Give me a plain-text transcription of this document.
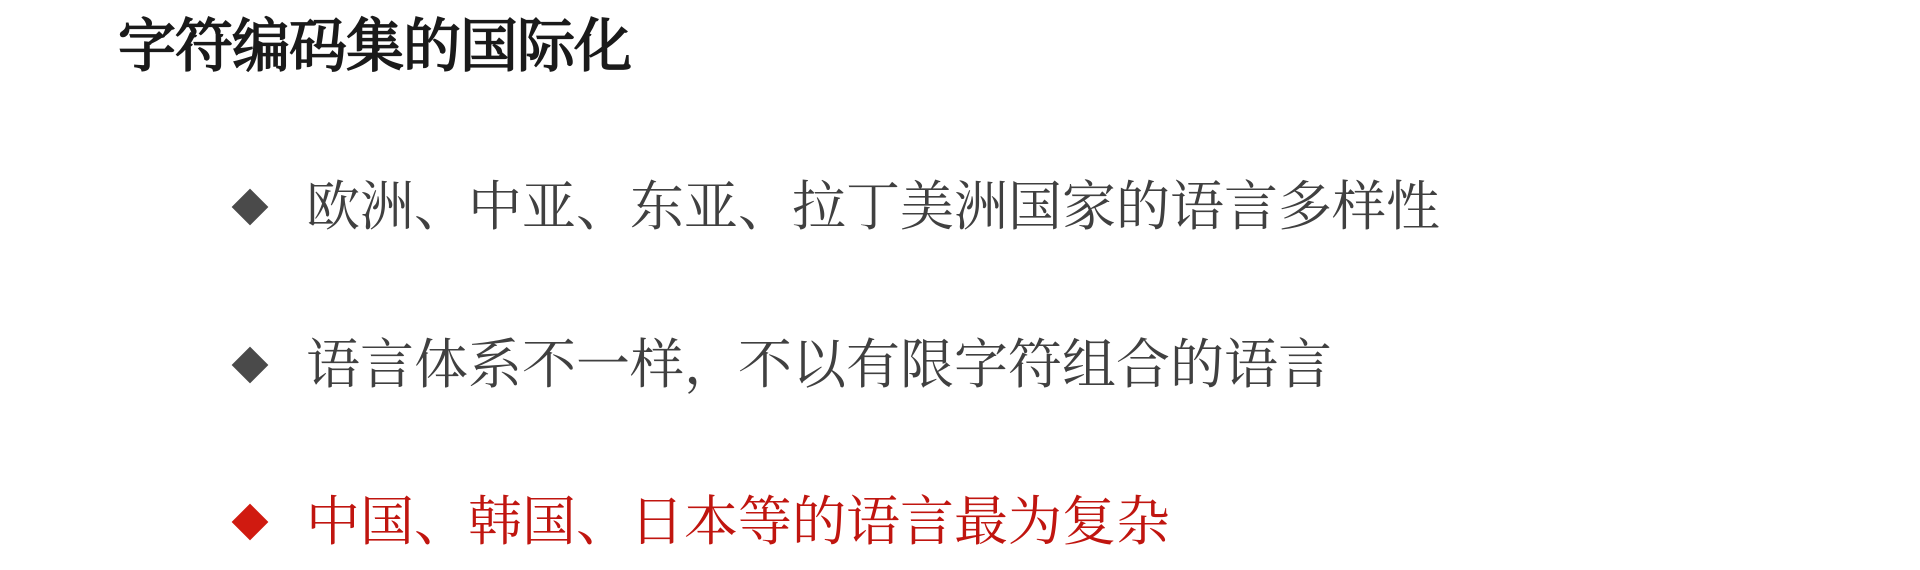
字符编码集的国际化
欧洲、中亚、东亚、拉丁美洲国家的语言多样性
语言体系不一样，不以有限字符组合的语言
中国、韩国、日本等的语言最为复杂
